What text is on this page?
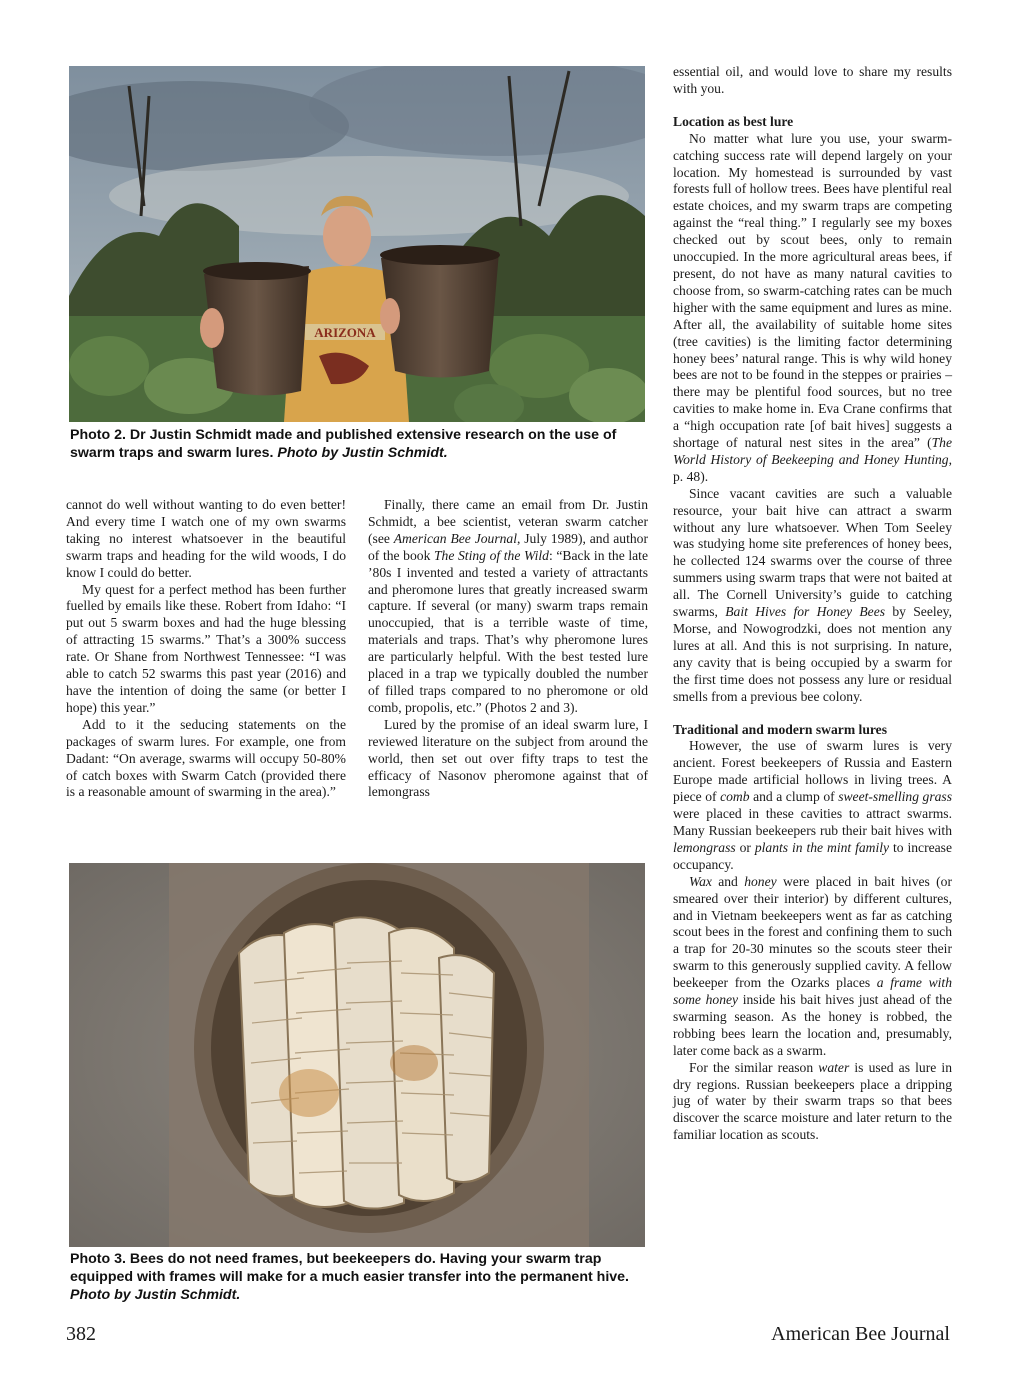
ARIZONA
Photo 2. Dr Justin Schmidt made and published extensive research on the use of swarm traps and swarm lures. Photo by Justin Schmidt.

cannot do well without wanting to do even better! And every time I watch one of my own swarms taking no interest whatsoever in the beautiful swarm traps and heading for the wild woods, I do know I could do better.

My quest for a perfect method has been further fuelled by emails like these. Robert from Idaho: “I put out 5 swarm boxes and had the huge blessing of attracting 15 swarms.” That’s a 300% success rate. Or Shane from Northwest Tennessee: “I was able to catch 52 swarms this past year (2016) and have the intention of doing the same (or better I hope) this year.”

Add to it the seducing statements on the packages of swarm lures. For example, one from Dadant: “On average, swarms will occupy 50-80% of catch boxes with Swarm Catch (provided there is a reasonable amount of swarming in the area).”

Finally, there came an email from Dr. Justin Schmidt, a bee scientist, veteran swarm catcher (see American Bee Journal, July 1989), and author of the book The Sting of the Wild: “Back in the late ’80s I invented and tested a variety of attractants and pheromone lures that greatly increased swarm capture. If several (or many) swarm traps remain unoccupied, that is a terrible waste of time, materials and traps. That’s why pheromone lures are particularly helpful. With the best tested lure placed in a trap we typically doubled the number of filled traps compared to no pheromone or old comb, propolis, etc.” (Photos 2 and 3).

Lured by the promise of an ideal swarm lure, I reviewed literature on the subject from around the world, then set out over fifty traps to test the efficacy of Nasonov pheromone against that of lemongrass

Photo 3. Bees do not need frames, but beekeepers do. Having your swarm trap equipped with frames will make for a much easier transfer into the permanent hive. Photo by Justin Schmidt.

essential oil, and would love to share my results with you.

Location as best lure

No matter what lure you use, your swarm-catching success rate will depend largely on your location. My homestead is surrounded by vast forests full of hollow trees. Bees have plentiful real estate choices, and my swarm traps are competing against the “real thing.” I regularly see my boxes checked out by scout bees, only to remain unoccupied. In the more agricultural areas bees, if present, do not have as many natural cavities to choose from, so swarm-catching rates can be much higher with the same equipment and lures as mine. After all, the availability of suitable home sites (tree cavities) is the limiting factor determining honey bees’ natural range. This is why wild honey bees are not to be found in the steppes or prairies – there may be plentiful food sources, but no tree cavities to make home in. Eva Crane confirms that a “high occupation rate [of bait hives] suggests a shortage of natural nest sites in the area” (The World History of Beekeeping and Honey Hunting, p. 48).

Since vacant cavities are such a valuable resource, your bait hive can attract a swarm without any lure whatsoever. When Tom Seeley was studying home site preferences of honey bees, he collected 124 swarms over the course of three summers using swarm traps that were not baited at all. The Cornell University’s guide to catching swarms, Bait Hives for Honey Bees by Seeley, Morse, and Nowogrodzki, does not mention any lures at all. And this is not surprising. In nature, any cavity that is being occupied by a swarm for the first time does not possess any lure or residual smells from a previous bee colony.

Traditional and modern swarm lures

However, the use of swarm lures is very ancient. Forest beekeepers of Russia and Eastern Europe made artificial hollows in living trees. A piece of comb and a clump of sweet-smelling grass were placed in these cavities to attract swarms. Many Russian beekeepers rub their bait hives with lemongrass or plants in the mint family to increase occupancy.

Wax and honey were placed in bait hives (or smeared over their interior) by different cultures, and in Vietnam beekeepers went as far as catching scout bees in the forest and confining them to such a trap for 20-30 minutes so the scouts steer their swarm to this generously supplied cavity. A fellow beekeeper from the Ozarks places a frame with some honey inside his bait hives just ahead of the swarming season. As the honey is robbed, the robbing bees learn the location and, presumably, later come back as a swarm.

For the similar reason water is used as lure in dry regions. Russian beekeepers place a dripping jug of water by their swarm traps so that bees discover the scarce moisture and later return to the familiar location as scouts.

382	American Bee Journal
